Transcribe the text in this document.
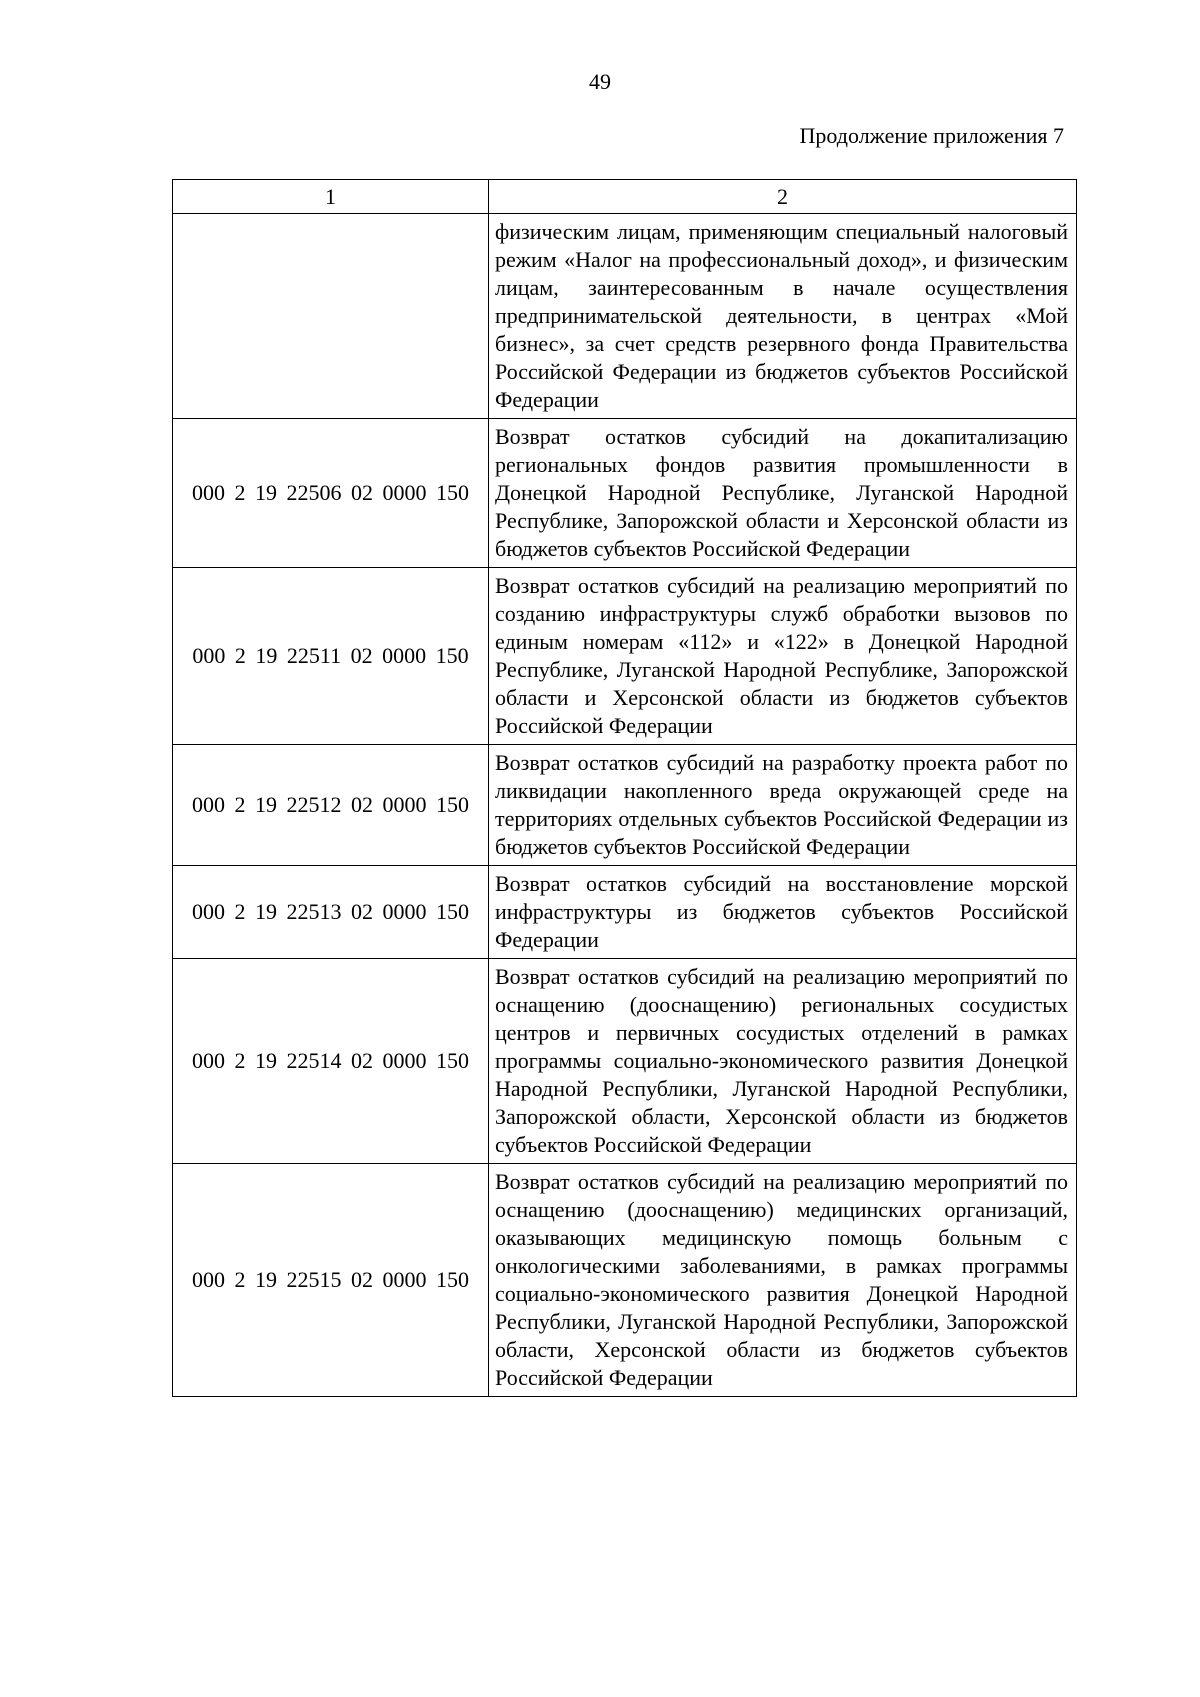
49
Продолжение приложения 7
1	2
	физическим лицам, применяющим специальный налоговый режим «Налог на профессиональный доход», и физическим лицам, заинтересованным в начале осуществления предпринимательской деятельности, в центрах «Мой бизнес», за счет средств резервного фонда Правительства Российской Федерации из бюджетов субъектов Российской Федерации
000 2 19 22506 02 0000 150	Возврат остатков субсидий на докапитализацию региональных фондов развития промышленности в Донецкой Народной Республике, Луганской Народной Республике, Запорожской области и Херсонской области из бюджетов субъектов Российской Федерации
000 2 19 22511 02 0000 150	Возврат остатков субсидий на реализацию мероприятий по созданию инфраструктуры служб обработки вызовов по единым номерам «112» и «122» в Донецкой Народной Республике, Луганской Народной Республике, Запорожской области и Херсонской области из бюджетов субъектов Российской Федерации
000 2 19 22512 02 0000 150	Возврат остатков субсидий на разработку проекта работ по ликвидации накопленного вреда окружающей среде на территориях отдельных субъектов Российской Федерации из бюджетов субъектов Российской Федерации
000 2 19 22513 02 0000 150	Возврат остатков субсидий на восстановление морской инфраструктуры из бюджетов субъектов Российской Федерации
000 2 19 22514 02 0000 150	Возврат остатков субсидий на реализацию мероприятий по оснащению (дооснащению) региональных сосудистых центров и первичных сосудистых отделений в рамках программы социально-экономического развития Донецкой Народной Республики, Луганской Народной Республики, Запорожской области, Херсонской области из бюджетов субъектов Российской Федерации
000 2 19 22515 02 0000 150	Возврат остатков субсидий на реализацию мероприятий по оснащению (дооснащению) медицинских организаций, оказывающих медицинскую помощь больным с онкологическими заболеваниями, в рамках программы социально-экономического развития Донецкой Народной Республики, Луганской Народной Республики, Запорожской области, Херсонской области из бюджетов субъектов Российской Федерации
